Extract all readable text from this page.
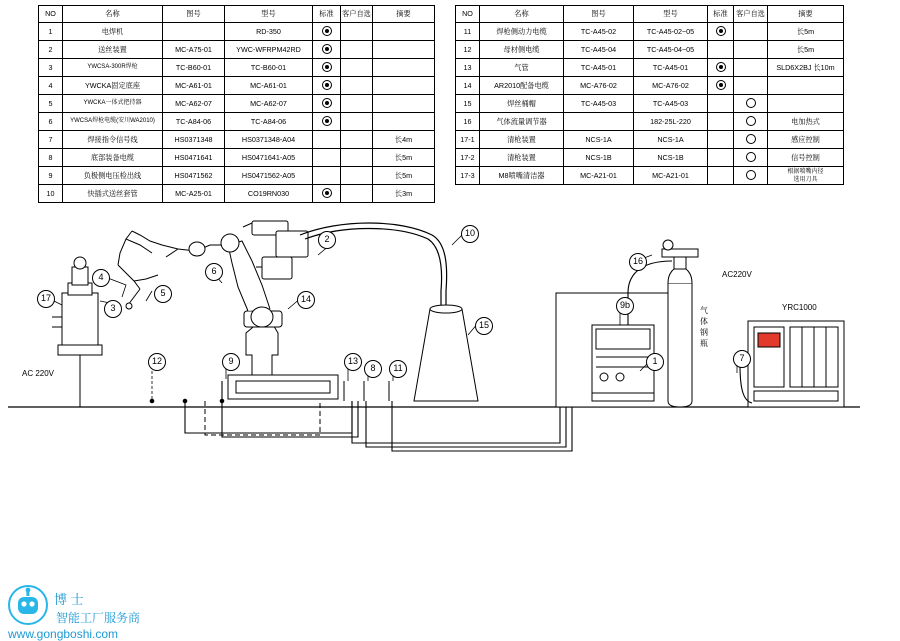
NO	名称	图号	型号	标准	客户自选	摘要
1	电焊机		RD-350			
2	送丝装置	MC-A75-01	YWC-WFRPM42RD			
3	YWCSA-300R焊枪	TC-B60-01	TC-B60-01			
4	YWCKA固定底座	MC-A61-01	MC-A61-01			
5	YWCKA一体式把持器	MC-A62-07	MC-A62-07			
6	YWCSA焊枪电缆(安川WA2010)	TC-A84-06	TC-A84-06			
7	焊接指令信号线	HS0371348	HS0371348-A04			长4m
8	底部装备电缆	HS0471641	HS0471641-A05			长5m
9	负极侧电压检出线	HS0471562	HS0471562-A05			长5m
10	快插式送丝套管	MC-A25-01	CO19RN030			长3m
NO	名称	图号	型号	标准	客户自选	摘要
11	焊枪侧动力电缆	TC-A45-02	TC-A45-02~05			长5m
12	母材侧电缆	TC-A45-04	TC-A45-04~05			长5m
13	气管	TC-A45-01	TC-A45-01			SLD6X2BJ 长10m
14	AR2010配备电缆	MC-A76-02	MC-A76-02			
15	焊丝桶帽	TC-A45-03	TC-A45-03			
16	气体流量调节器		182-25L-220			电加热式
17-1	清枪装置	NCS-1A	NCS-1A			感应控制
17-2	清枪装置	NCS-1B	NCS-1B			信号控制
17-3	M8喷嘴清洁器	MC-A21-01	MC-A21-01			根据喷嘴内径
选用刀具
1
2
3
4
5
6
7
8
9
9b
10
11
12	13
14
15
16
17
AC 220V
AC220V
气
体
钢
瓶
YRC1000
博 士
智能工厂服务商
www.gongboshi.com
